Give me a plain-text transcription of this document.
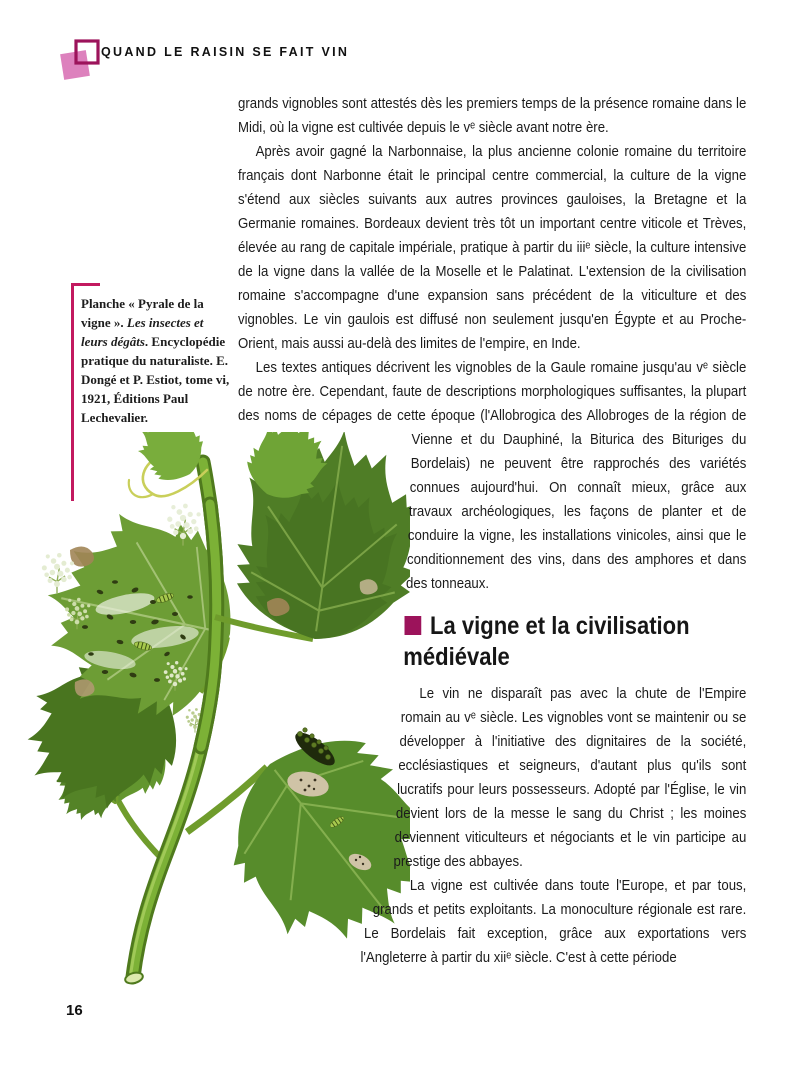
QUAND LE RAISIN SE FAIT VIN
Planche « Pyrale de la vigne ». Les insectes et leurs dégâts. Encyclopédie pratique du naturaliste. E. Dongé et P. Estiot, tome vi, 1921, Éditions Paul Lechevalier.

grands vignobles sont attestés dès les premiers temps de la présence romaine dans le Midi, où la vigne est cultivée depuis le vᵉ siècle avant notre ère.

Après avoir gagné la Narbonnaise, la plus ancienne colonie romaine du territoire français dont Narbonne était le principal centre commercial, la culture de la vigne s'étend aux siècles suivants aux autres provinces gauloises, la Bretagne et la Germanie romaines. Bordeaux devient très tôt un important centre viticole et Trèves, élevée au rang de capitale impériale, pratique à partir du iiiᵉ siècle, la culture intensive de la vigne dans la vallée de la Moselle et le Palatinat. L'extension de la civilisation romaine s'accompagne d'une expansion sans précédent de la viticulture et des vignobles. Le vin gaulois est diffusé non seulement jusqu'en Égypte et au Proche-Orient, mais aussi au-delà des limites de l'empire, en Inde.

Les textes antiques décrivent les vignobles de la Gaule romaine jusqu'au vᵉ siècle de notre ère. Cependant, faute de descriptions morphologiques suffisantes, la plupart des noms de cépages de cette époque (l'Allobrogica des Allobroges de la région de Vienne et du Dauphiné, la Biturica des Bituriges du Bordelais) ne peuvent être rapprochés des variétés connues aujourd'hui. On connaît mieux, grâce aux travaux archéologiques, les façons de planter et de conduire la vigne, les installations vinicoles, ainsi que le conditionnement des vins, dans des amphores et dans des tonneaux.

La vigne et la civilisation médiévale

Le vin ne disparaît pas avec la chute de l'Empire romain au vᵉ siècle. Les vignobles vont se maintenir ou se développer à l'initiative des dignitaires de la société, ecclésiastiques et seigneurs, d'autant plus qu'ils sont lucratifs pour leurs possesseurs. Adopté par l'Église, le vin devient lors de la messe le sang du Christ ; les moines deviennent viticulteurs et négociants et le vin participe au prestige des abbayes.

La vigne est cultivée dans toute l'Europe, et par tous, grands et petits exploitants. La monoculture régionale est rare. Le Bordelais fait exception, grâce aux exportations vers l'Angleterre à partir du xiiᵉ siècle. C'est à cette période

16
